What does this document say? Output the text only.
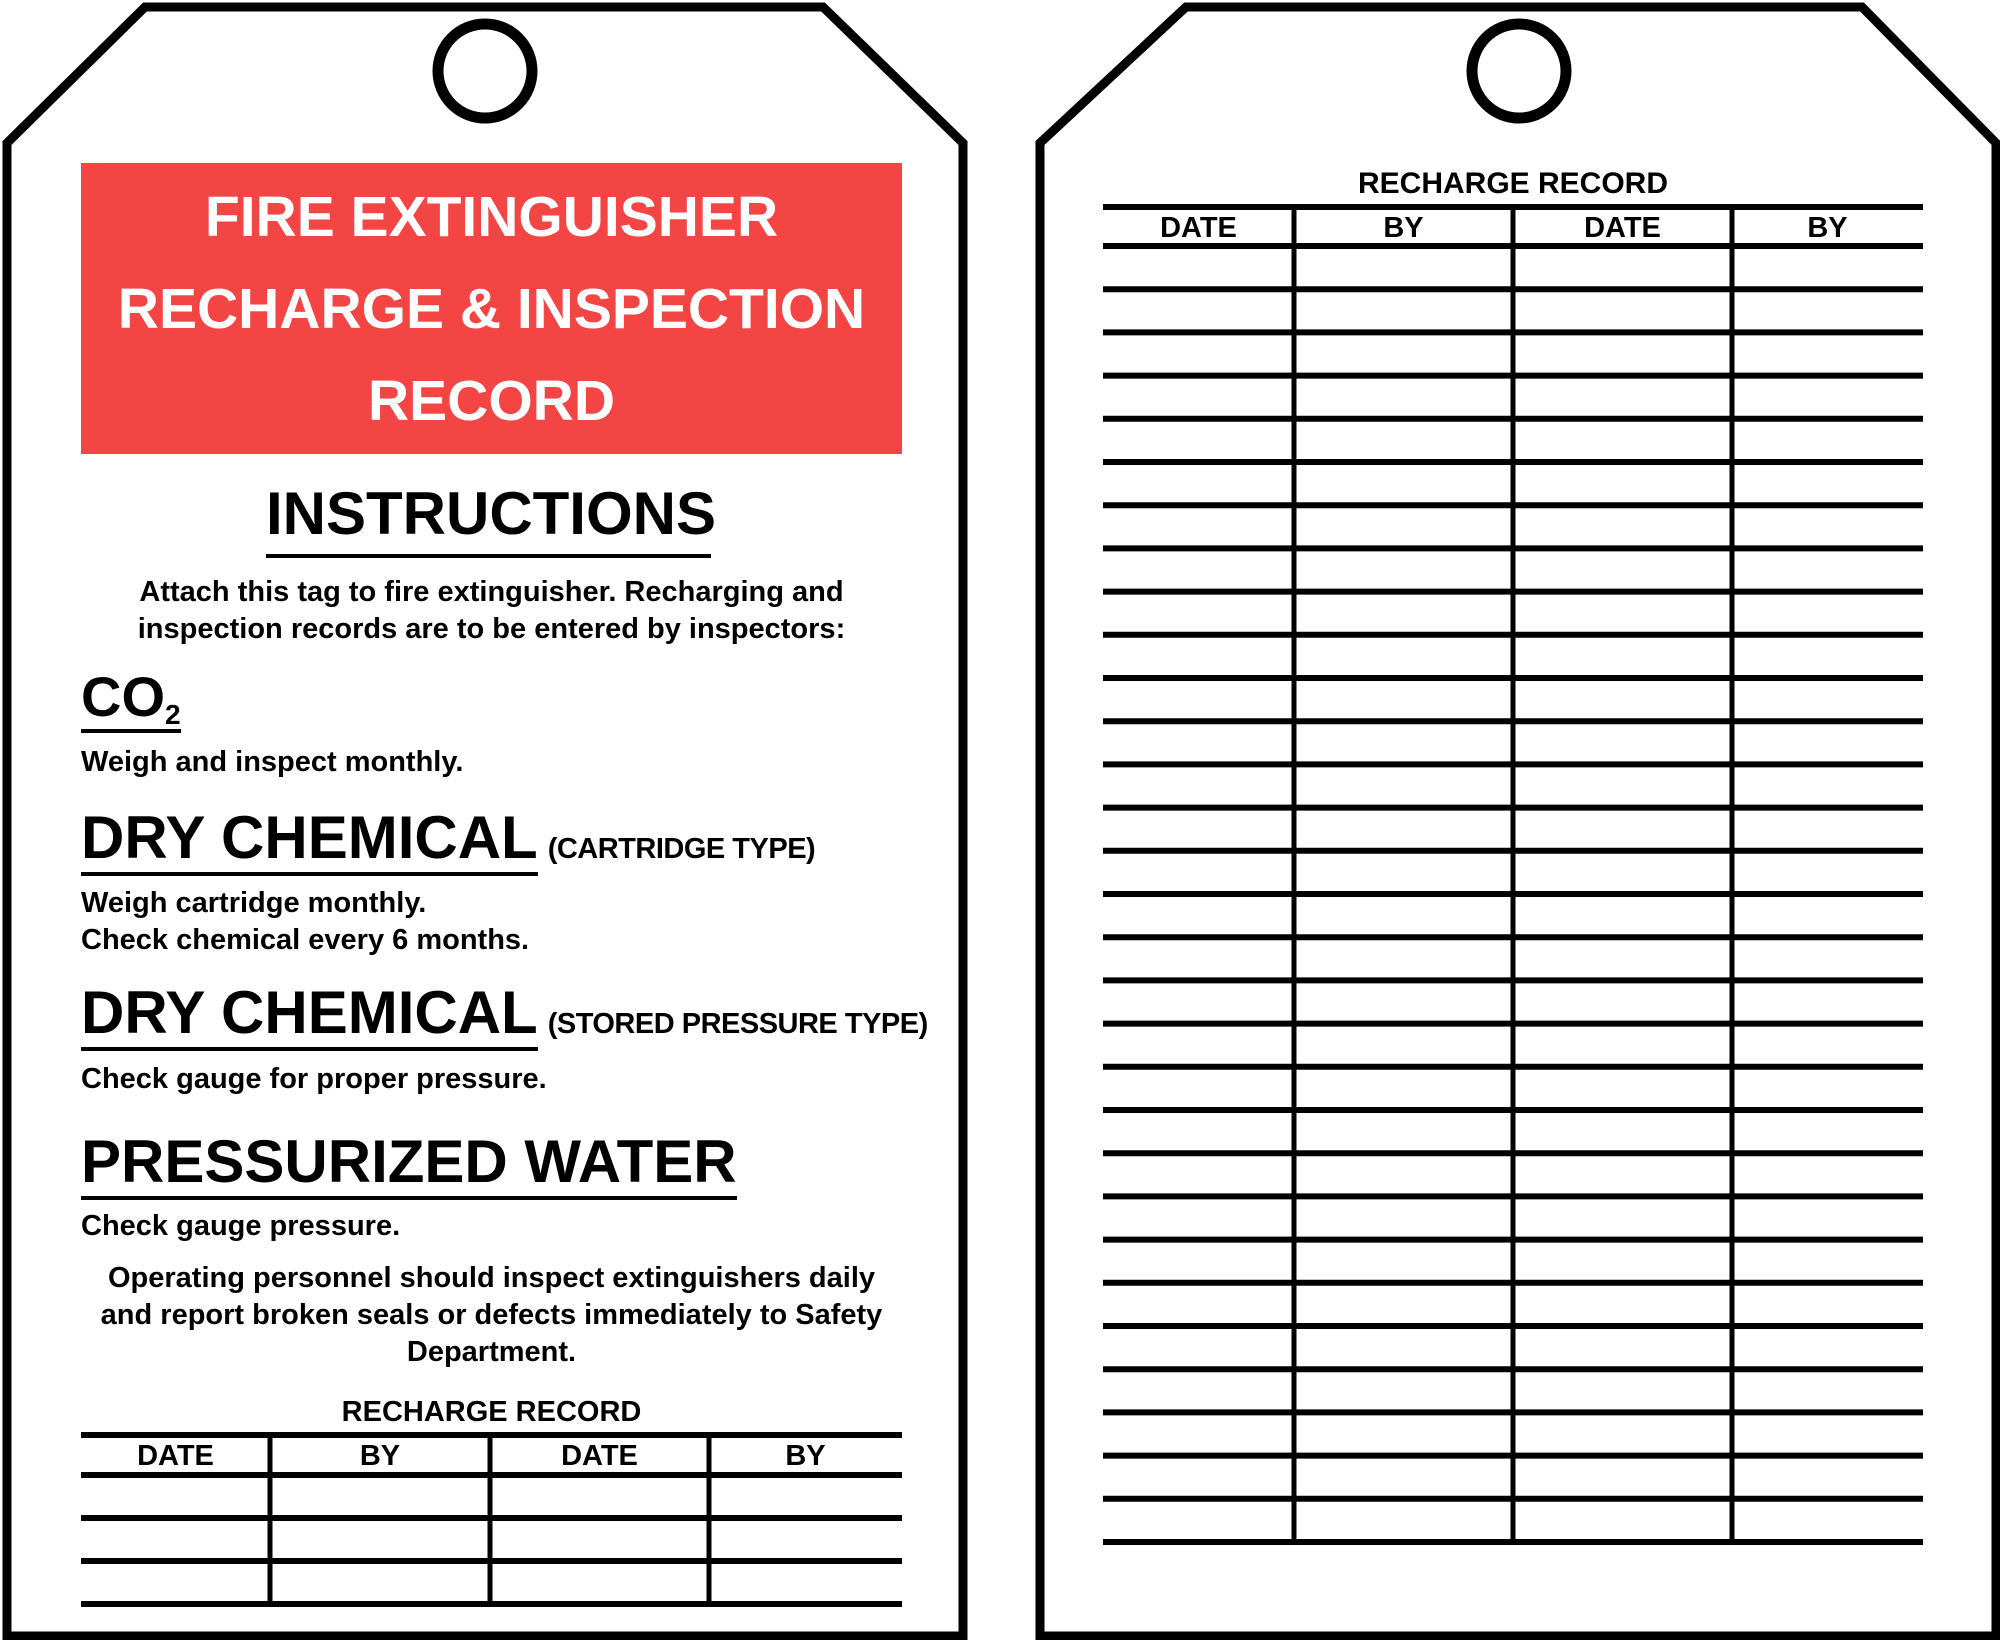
FIRE EXTINGUISHER
RECHARGE & INSPECTION
RECORD
INSTRUCTIONS
Attach this tag to fire extinguisher. Recharging and inspection records are to be entered by inspectors:
$CO_2$
Weigh and inspect monthly.
DRY CHEMICAL (CARTRIDGE TYPE)
Weigh cartridge monthly.
Check chemical every 6 months.
DRY CHEMICAL (STORED PRESSURE TYPE)
Check gauge for proper pressure.
PRESSURIZED WATER
Check gauge pressure.
Operating personnel should inspect extinguishers daily and report broken seals or defects immediately to Safety Department.
RECHARGE RECORD
DATE	BY	DATE	BY
RECHARGE RECORD
DATE	BY	DATE	BY
